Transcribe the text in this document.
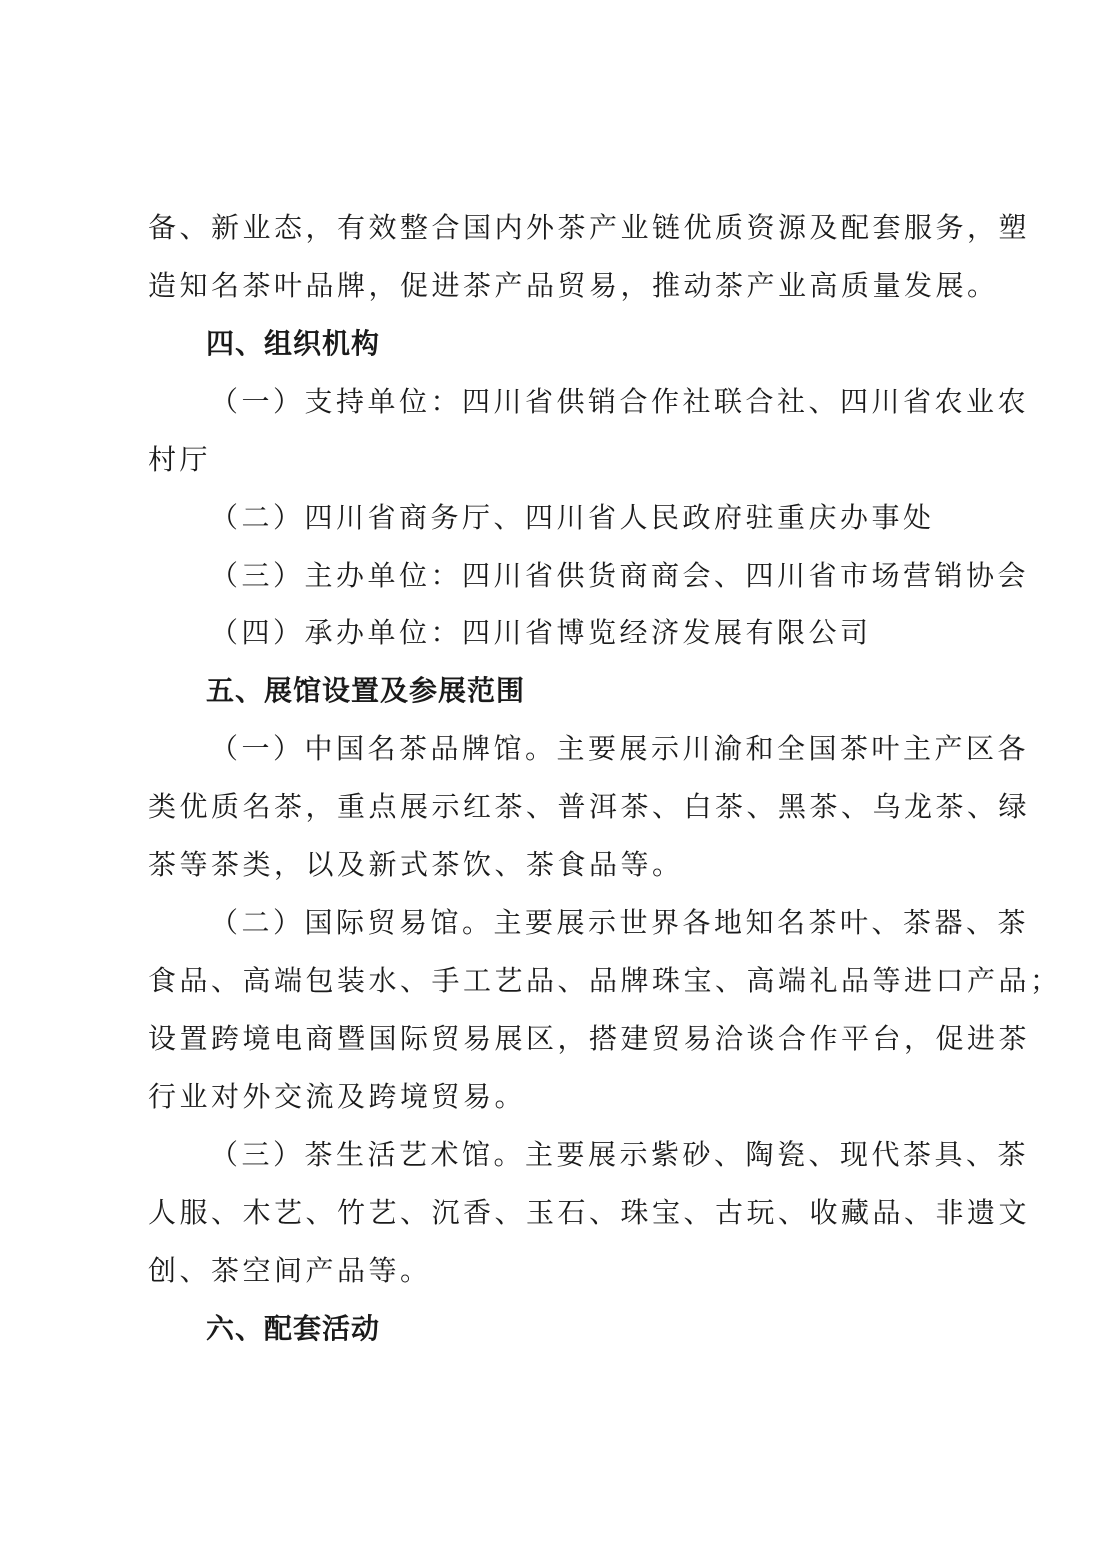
备、新业态，有效整合国内外茶产业链优质资源及配套服务，塑
造知名茶叶品牌，促进茶产品贸易，推动茶产业高质量发展。
四、组织机构
（一）支持单位：四川省供销合作社联合社、四川省农业农
村厅
（二）四川省商务厅、四川省人民政府驻重庆办事处
（三）主办单位：四川省供货商商会、四川省市场营销协会
（四）承办单位：四川省博览经济发展有限公司
五、展馆设置及参展范围
（一）中国名茶品牌馆。主要展示川渝和全国茶叶主产区各
类优质名茶，重点展示红茶、普洱茶、白茶、黑茶、乌龙茶、绿
茶等茶类，以及新式茶饮、茶食品等。
（二）国际贸易馆。主要展示世界各地知名茶叶、茶器、茶
食品、高端包装水、手工艺品、品牌珠宝、高端礼品等进口产品；
设置跨境电商暨国际贸易展区，搭建贸易洽谈合作平台，促进茶
行业对外交流及跨境贸易。
（三）茶生活艺术馆。主要展示紫砂、陶瓷、现代茶具、茶
人服、木艺、竹艺、沉香、玉石、珠宝、古玩、收藏品、非遗文
创、茶空间产品等。
六、配套活动
